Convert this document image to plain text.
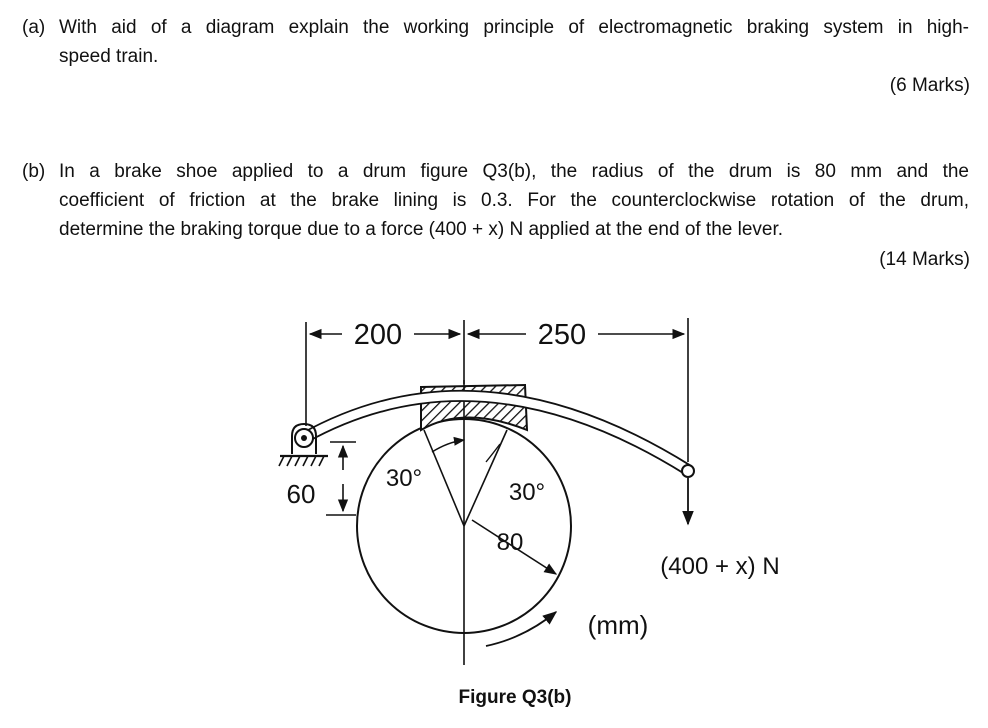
(a) With aid of a diagram explain the working principle of electromagnetic braking system in high-
speed train.
(6 Marks)
(b) In a brake shoe applied to a drum figure Q3(b), the radius of the drum is 80 mm and the
coefficient of friction at the brake lining is 0.3. For the counterclockwise rotation of the drum,
determine the braking torque due to a force (400 + x) N applied at the end of the lever.
(14 Marks)
200	250
60
30°
30°
80
(400 + x) N
(mm)
Figure Q3(b)
